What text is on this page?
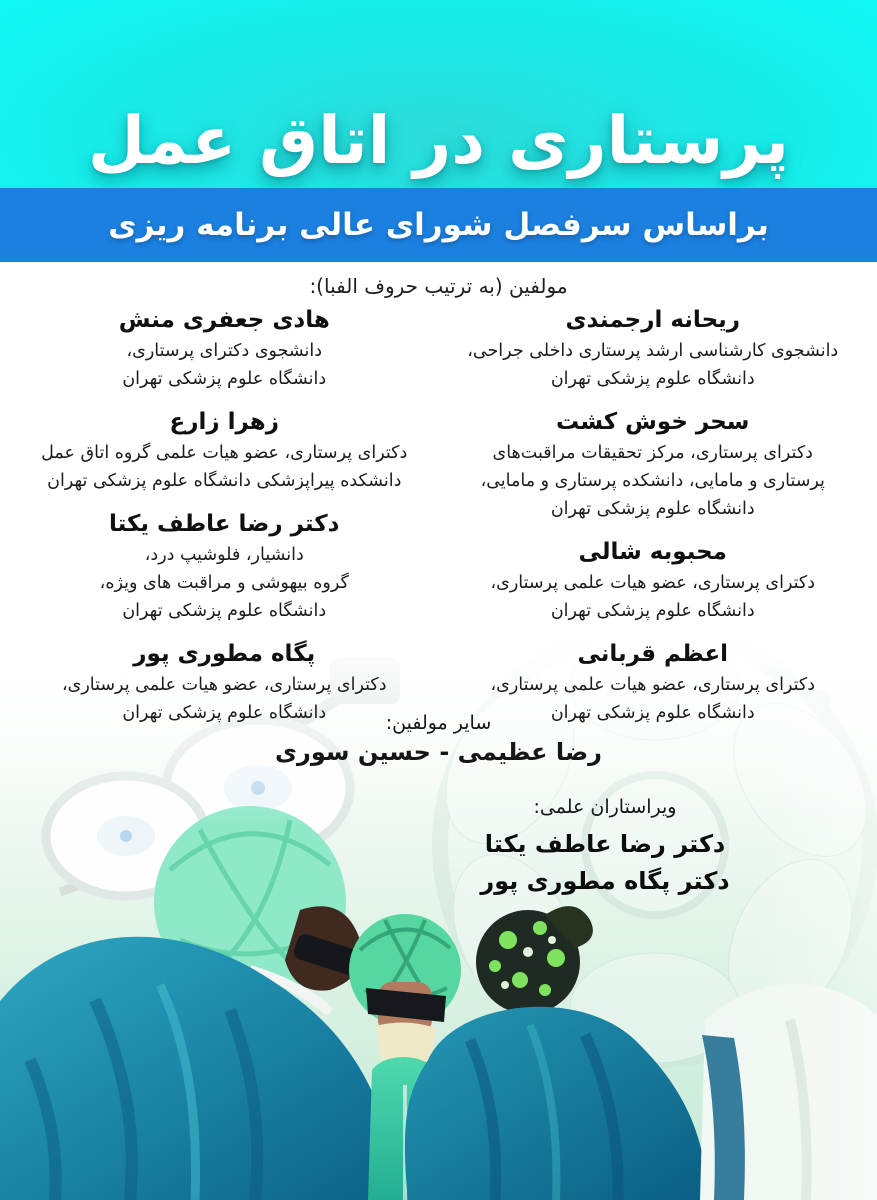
پرستاری در اتاق عمل
براساس سرفصل شورای عالی برنامه ریزی
مولفین (به ترتیب حروف الفبا):
ریحانه ارجمندی
دانشجوی کارشناسی ارشد پرستاری داخلی جراحی،
دانشگاه علوم پزشکی تهران
سحر خوش کشت
دکترای پرستاری، مرکز تحقیقات مراقبت‌های
پرستاری و مامایی، دانشکده پرستاری و مامایی،
دانشگاه علوم پزشکی تهران
محبوبه شالی
دکترای پرستاری، عضو هیات علمی پرستاری،
دانشگاه علوم پزشکی تهران
اعظم قربانی
دکترای پرستاری، عضو هیات علمی پرستاری،
دانشگاه علوم پزشکی تهران
هادی جعفری منش
دانشجوی دکترای پرستاری،
دانشگاه علوم پزشکی تهران
زهرا زارع
دکترای پرستاری، عضو هیات علمی گروه اتاق عمل
دانشکده پیراپزشکی دانشگاه علوم پزشکی تهران
دکتر رضا عاطف یکتا
دانشیار، فلوشیپ درد،
گروه بیهوشی و مراقبت های ویژه،
دانشگاه علوم پزشکی تهران
پگاه مطوری پور
دکترای پرستاری، عضو هیات علمی پرستاری،
دانشگاه علوم پزشکی تهران	سایر مولفین:
رضا عظیمی - حسین سوری
ویراستاران علمی:
دکتر رضا عاطف یکتا
دکتر پگاه مطوری پور
